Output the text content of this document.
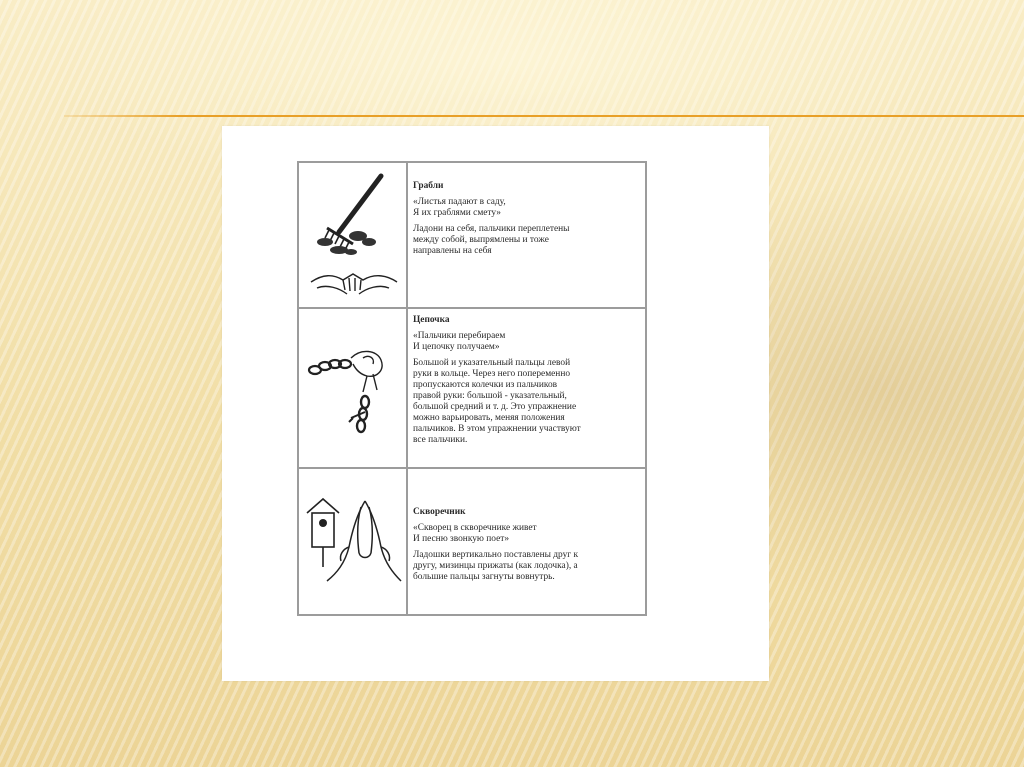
Грабли
«Листья падают в саду,
Я их граблями смету»
Ладони на себя, пальчики переплетены
между собой, выпрямлены и тоже
направлены на себя
Цепочка
«Пальчики перебираем
И цепочку получаем»
Большой и указательный пальцы левой
руки в кольце. Через него попеременно
пропускаются колечки из пальчиков
правой руки: большой - указательный,
большой средний и т. д. Это упражнение
можно варьировать, меняя положения
пальчиков. В этом упражнении участвуют
все пальчики.
Скворечник
«Скворец в скворечнике живет
И песню звонкую поет»
Ладошки вертикально поставлены друг к
другу, мизинцы прижаты (как лодочка), а
большие пальцы загнуты вовнутрь.
